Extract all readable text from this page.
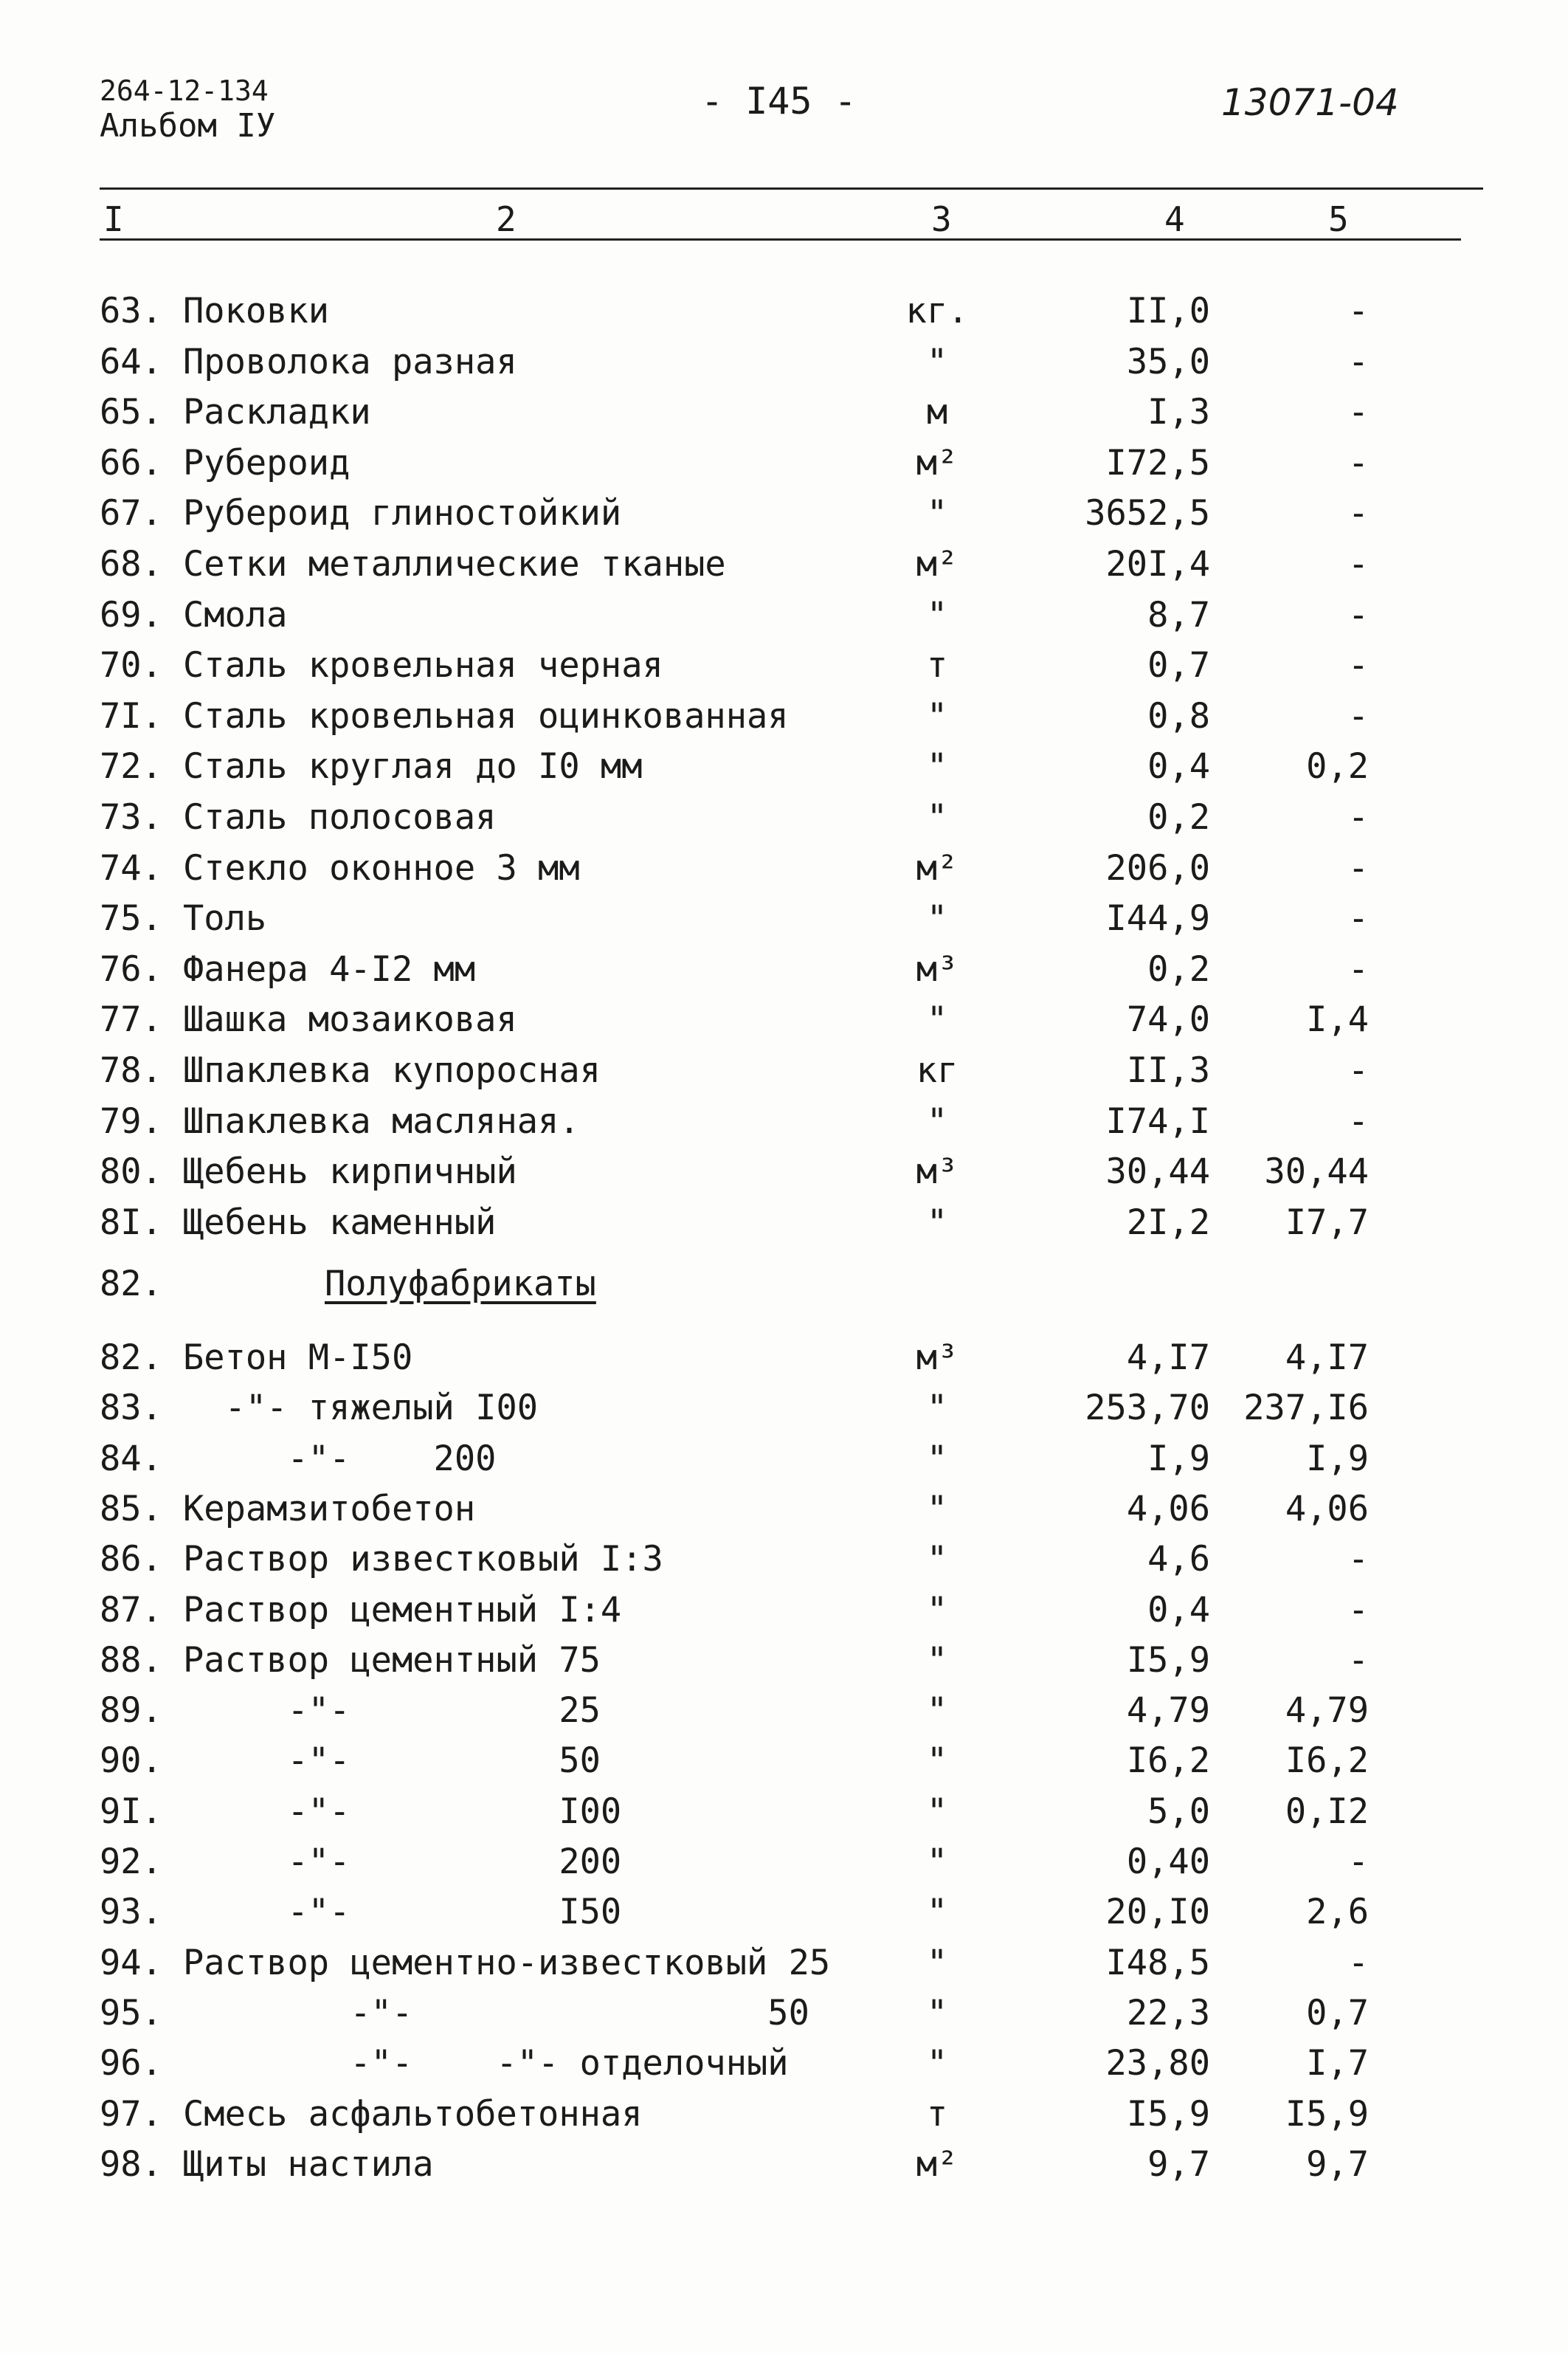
264-12-134
Альбом IУ
- I45 -	13071-04
I	2	3	4	5
63. Поковки	кг.	II,0	-
64. Проволока разная	"	35,0	-
65. Раскладки	м	I,3	-
66. Рубероид	м²	I72,5	-
67. Рубероид глиностойкий	"	3652,5	-
68. Сетки металлические тканые	м²	20I,4	-
69. Смола	"	8,7	-
70. Сталь кровельная черная	т	0,7	-
7I. Сталь кровельная оцинкованная	"	0,8	-
72. Сталь круглая до I0 мм	"	0,4	0,2
73. Сталь полосовая	"	0,2	-
74. Стекло оконное 3 мм	м²	206,0	-
75. Толь	"	I44,9	-
76. Фанера 4-I2 мм	м³	0,2	-
77. Шашка мозаиковая	"	74,0	I,4
78. Шпаклевка купоросная	кг	II,3	-
79. Шпаклевка масляная.	"	I74,I	-
80. Щебень кирпичный	м³	30,44	30,44
8I. Щебень каменный	"	2I,2	I7,7
82. Бетон М-I50	м³	4,I7	4,I7
83. -"- тяжелый I00	"	253,70 237,I6
84. -"-    200	"	I,9	I,9
85. Керамзитобетон	"	4,06	4,06
86. Раствор известковый I:3	"	4,6	-
87. Раствор цементный I:4	"	0,4	-
88. Раствор цементный 75	"	I5,9	-
89. -"-          25	"	4,79	4,79
90. -"-          50	"	I6,2	I6,2
9I. -"-          I00	"	5,0	0,I2
92. -"-          200	"	0,40	-
93. -"-          I50	"	20,I0	2,6
94. Раствор цементно-известковый 25	"	I48,5	-
95. -"-                 50	"	22,3	0,7
96. -"-    -"- отделочный	"	23,80	I,7
97. Смесь асфальтобетонная	т	I5,9	I5,9
98. Щиты настила	м²	9,7	9,7
82.	Полуфабрикаты
